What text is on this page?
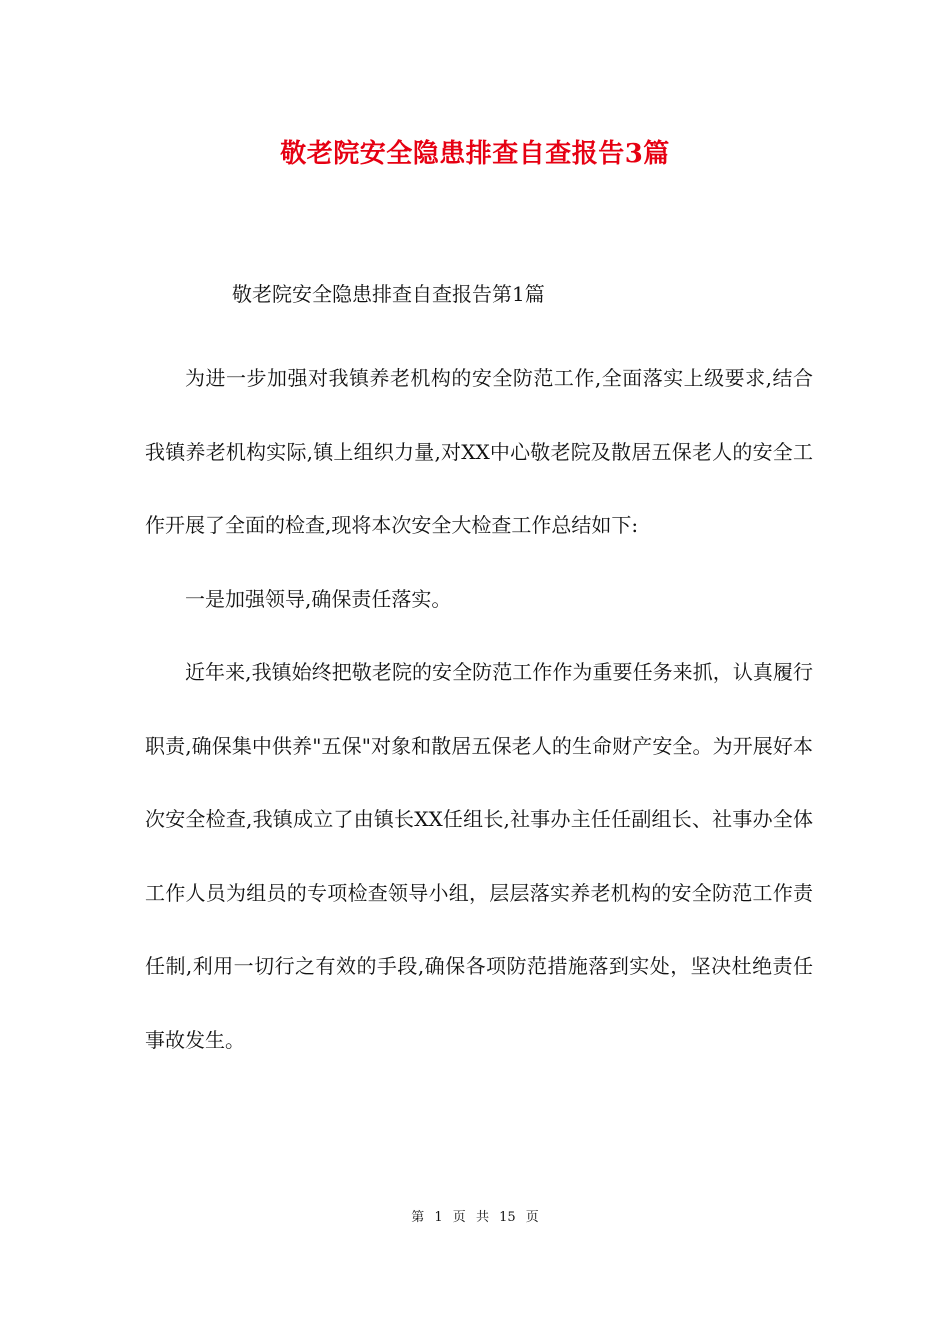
敬老院安全隐患排查自查报告3篇

敬老院安全隐患排查自查报告第1篇

为进一步加强对我镇养老机构的安全防范工作,全面落实上级要求,结合我镇养老机构实际,镇上组织力量,对XX中心敬老院及散居五保老人的安全工作开展了全面的检查,现将本次安全大检查工作总结如下:

一是加强领导,确保责任落实。

近年来,我镇始终把敬老院的安全防范工作作为重要任务来抓，认真履行职责,确保集中供养"五保"对象和散居五保老人的生命财产安全。为开展好本次安全检查,我镇成立了由镇长XX任组长,社事办主任任副组长、社事办全体工作人员为组员的专项检查领导小组，层层落实养老机构的安全防范工作责任制,利用一切行之有效的手段,确保各项防范措施落到实处，坚决杜绝责任事故发生。

第 1 页 共 15 页
